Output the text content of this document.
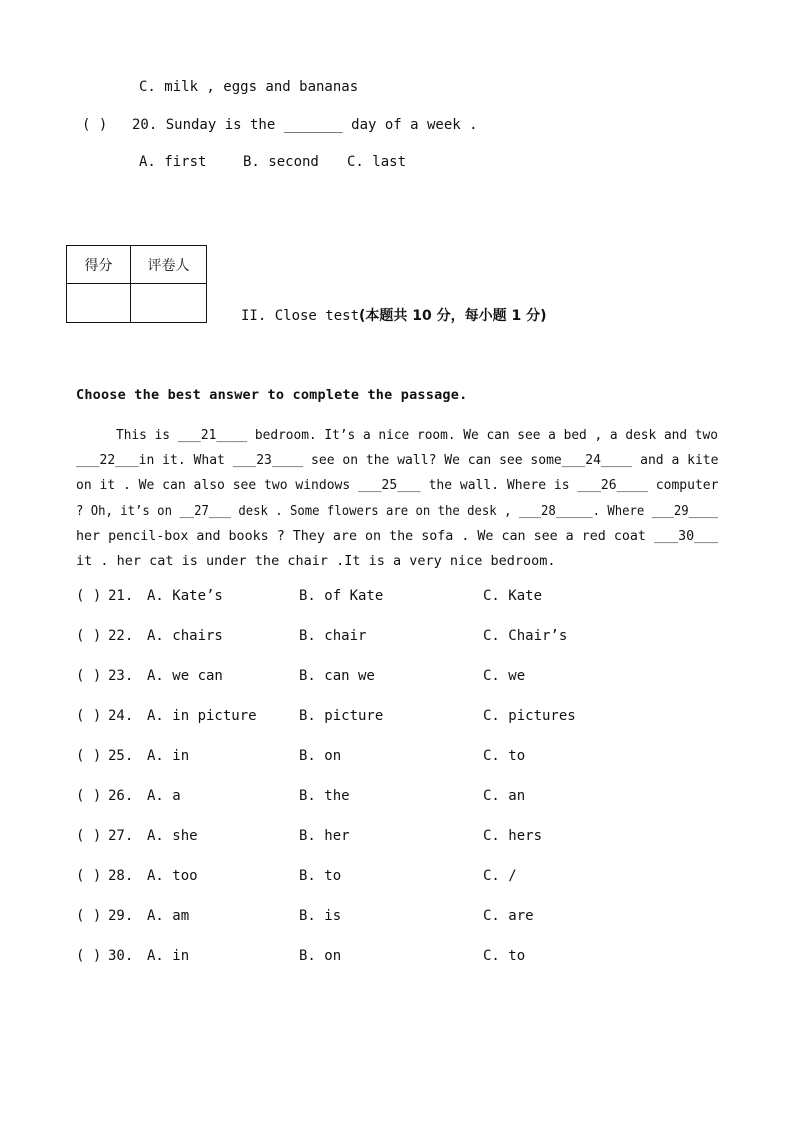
C. milk , eggs and bananas
( ) 20. Sunday is the _______ day of a week .
A. first	B. second C. last
得分	评卷人

II. Close test(本题共 10 分，每小题 1 分)
Choose the best answer to complete the passage.
This is ___21____ bedroom. It’s a nice room. We can see a bed , a desk and two
___22___in it. What ___23____ see on the wall? We can see some___24____ and a kite
on it . We can also see two windows ___25___ the wall. Where is ___26____ computer
? Oh, it’s on __27___ desk . Some flowers are on the desk , ___28_____. Where ___29____
her pencil-box and books ? They are on the sofa . We can see a red coat ___30___
it . her cat is under the chair .It is a very nice bedroom.
( ) 21. A. Kate’s	B. of Kate	C. Kate
( ) 22. A. chairs	B. chair	C. Chair’s
( ) 23. A. we can	B. can we	C. we
( ) 24. A. in picture	B. picture	C. pictures
( ) 25. A. in	B. on	C. to
( ) 26. A. a	B. the	C. an
( ) 27. A. she	B. her	C. hers
( ) 28. A. too	B. to	C. /
( ) 29. A. am	B. is	C. are
( ) 30. A. in	B. on	C. to
